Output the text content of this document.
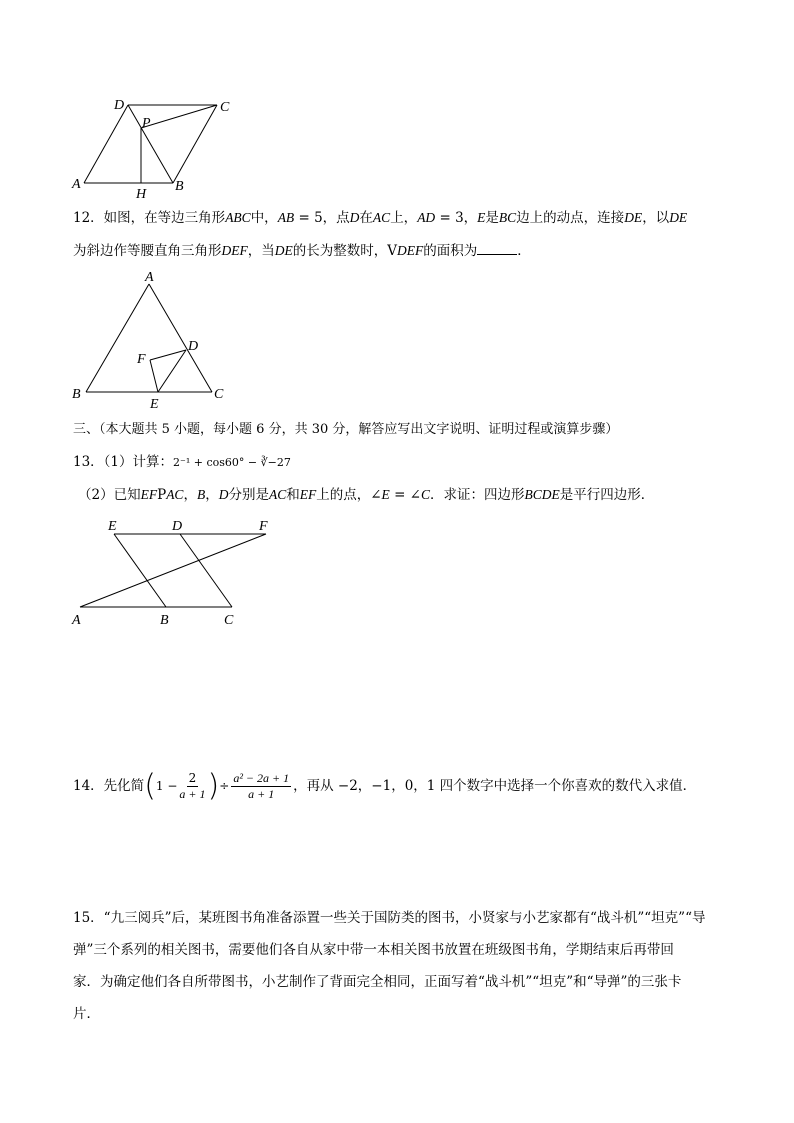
D	C
P
A
H
B
12．如图，在等边三角形ABC中，AB = 5，点D在AC上，AD = 3，E是BC边上的动点，连接DE，以DE
为斜边作等腰直角三角形DEF，当DE的长为整数时，VDEF的面积为	．
A
D
F
B	C
E
三、（本大题共 5 小题，每小题 6 分，共 30 分，解答应写出文字说明、证明过程或演算步骤）
13．（1）计算：2⁻¹ + cos60° − ∛−27
（2）已知EFPAC，B，D分别是AC和EF上的点，∠E = ∠C．求证：四边形BCDE是平行四边形．
E	D	F
A	B	C
14．先化简($1 - \frac{2}{a + 1}$ )÷ $\frac{\text{a² − 2a + 1}}{a + 1}$ ，再从 −2，−1，0，1 四个数字中选择一个你喜欢的数代入求值．
15．“九三阅兵”后，某班图书角准备添置一些关于国防类的图书，小贤家与小艺家都有“战斗机”“坦克”“导
弹”三个系列的相关图书，需要他们各自从家中带一本相关图书放置在班级图书角，学期结束后再带回
家．为确定他们各自所带图书，小艺制作了背面完全相同，正面写着“战斗机”“坦克”和“导弹”的三张卡
片．
